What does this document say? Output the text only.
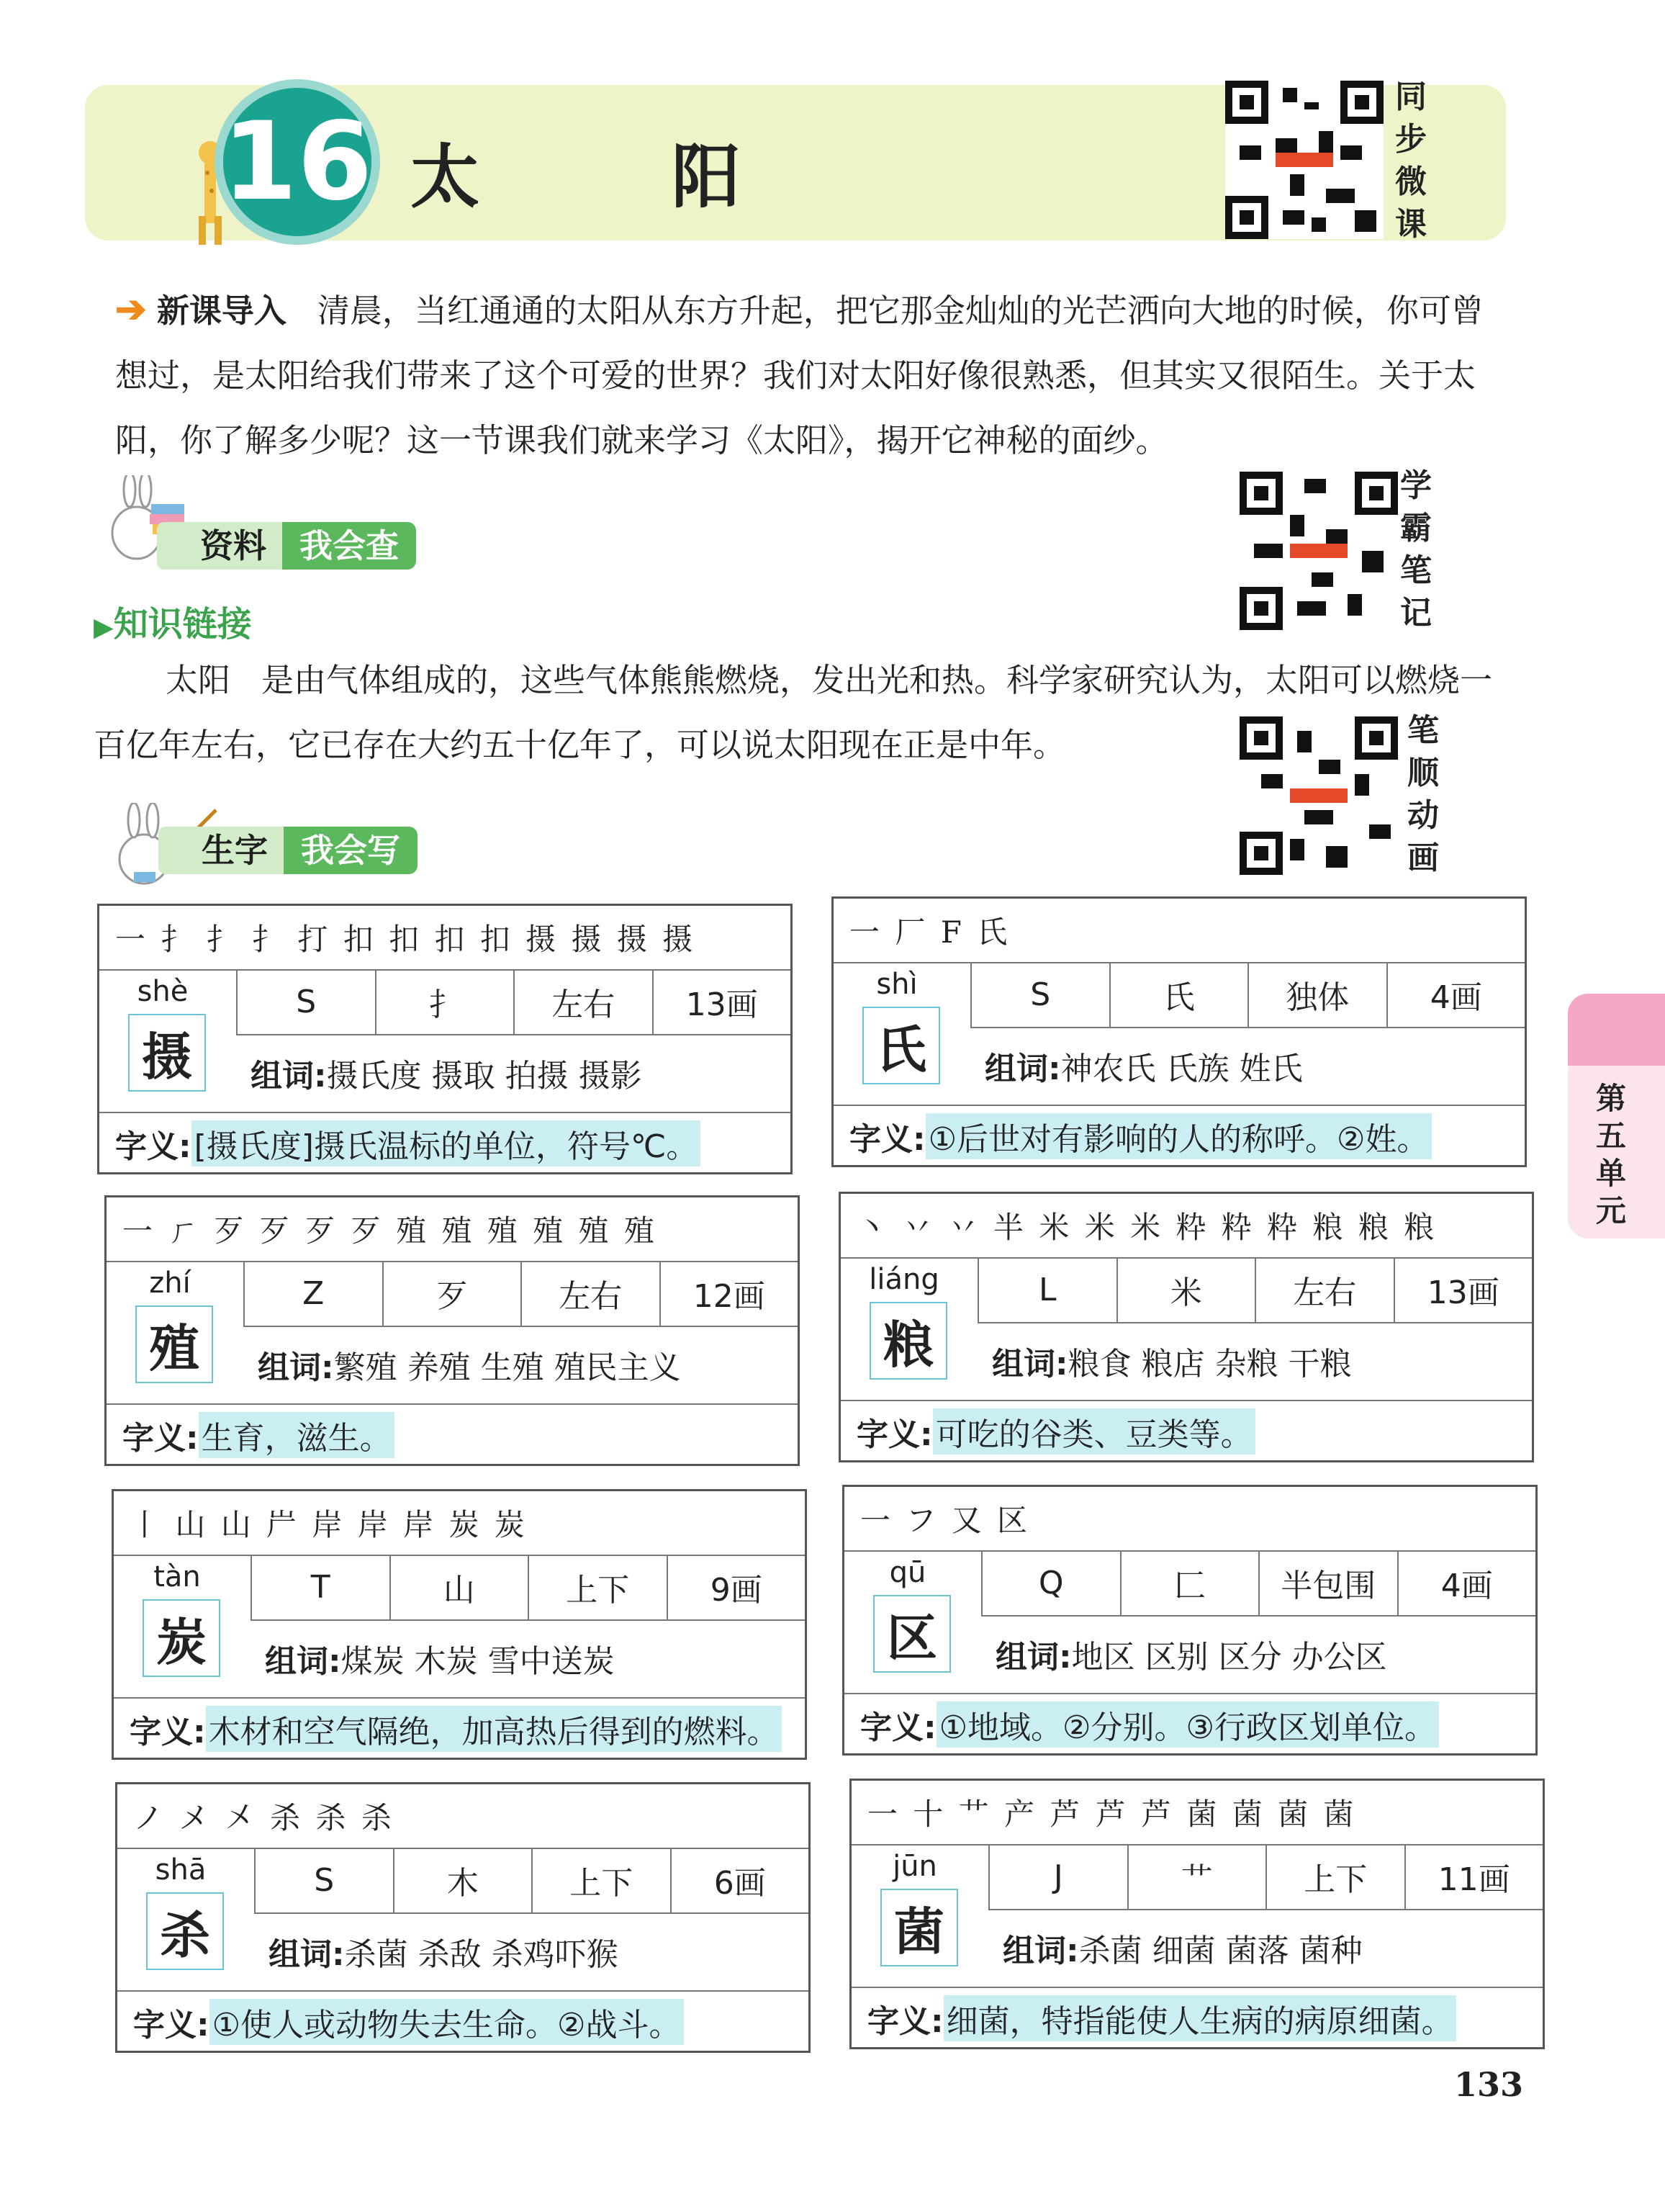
16 太	阳
同
步
微
课
➔ 新课导入 清晨，当红通通的太阳从东方升起，把它那金灿灿的光芒洒向大地的时候，你可曾想过，是太阳给我们带来了这个可爱的世界？我们对太阳好像很熟悉，但其实又很陌生。关于太阳，你了解多少呢？这一节课我们就来学习《太阳》，揭开它神秘的面纱。
资料	我会查
学
霸
笔
记
▶知识链接
太阳 是由气体组成的，这些气体熊熊燃烧，发出光和热。科学家研究认为，太阳可以燃烧一百亿年左右，它已存在大约五十亿年了，可以说太阳现在正是中年。	笔
顺
动
画
生字	我会写
一 扌 扌 扌 打 扣 扣 扣 扣 摄 摄 摄 摄
shè
摄
S	扌	左右	13画
组词:摄氏度 摄取 拍摄 摄影
字义: [摄氏度]摄氏温标的单位，符号℃。
一 厂 F 氏
shì
氏
S	氏	独体	4画
组词:神农氏 氏族 姓氏
字义: ①后世对有影响的人的称呼。②姓。
一 ㄏ 歹 歹 歹 歹 殖 殖 殖 殖 殖 殖
zhí
殖
Z	歹	左右	12画
组词:繁殖 养殖 生殖 殖民主义
字义: 生育，滋生。
丶 丷 丷 半 米 米 米 粋 粋 粋 粮 粮 粮
liáng
粮
L	米	左右	13画
组词:粮食 粮店 杂粮 干粮
字义: 可吃的谷类、豆类等。
丨 山 山 屵 岸 岸 岸 炭 炭
tàn
炭
T	山	上下	9画
组词:煤炭 木炭 雪中送炭
字义: 木材和空气隔绝，加高热后得到的燃料。
一 フ 又 区
qū
区
Q	匚	半包围	4画
组词:地区 区别 区分 办公区
字义: ①地域。②分别。③行政区划单位。
ノ メ 㐅 杀 杀 杀
shā
杀
S	木	上下	6画
组词:杀菌 杀敌 杀鸡吓猴
字义: ①使人或动物失去生命。②战斗。
一 十 艹 产 芦 芦 芦 菌 菌 菌 菌
jūn
菌
J	艹	上下	11画
组词:杀菌 细菌 菌落 菌种
字义: 细菌，特指能使人生病的病原细菌。
第
五
单
元
133
